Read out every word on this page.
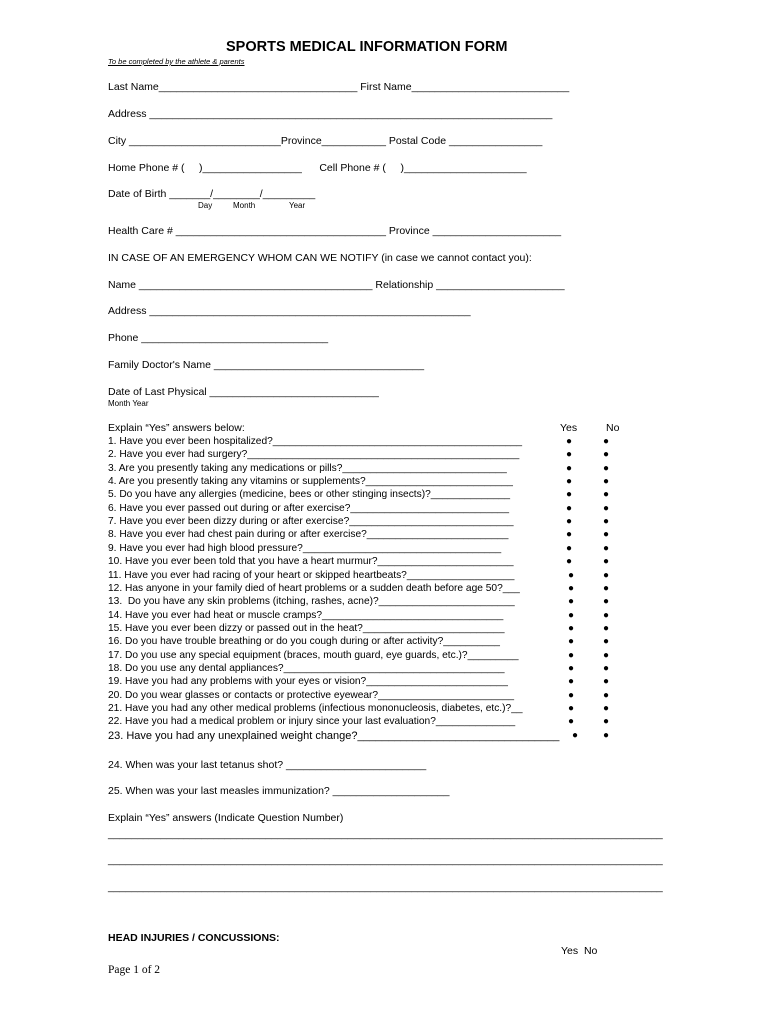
SPORTS MEDICAL INFORMATION FORM
To be completed by the athlete & parents
Last Name__________________________________ First Name___________________________
Address _____________________________________________________________________
City __________________________Province___________ Postal Code ________________
Home Phone # (     )_________________      Cell Phone # (     )_____________________
Date of Birth _______/________/_________
Day	Month	Year
Health Care # ____________________________________ Province ______________________
IN CASE OF AN EMERGENCY WHOM CAN WE NOTIFY (in case we cannot contact you):
Name ________________________________________ Relationship ______________________
Address _______________________________________________________
Phone ________________________________
Family Doctor's Name ____________________________________
Date of Last Physical _____________________________
Month Year
Explain “Yes” answers below:	Yes	No
1. Have you ever been hospitalized?____________________________________________	●	●
2. Have you ever had surgery?________________________________________________	●	●
3. Are you presently taking any medications or pills?_____________________________	●	●
4. Are you presently taking any vitamins or supplements?__________________________	●	●
5. Do you have any allergies (medicine, bees or other stinging insects)?______________	●	●
6. Have you ever passed out during or after exercise?____________________________	●	●
7. Have you ever been dizzy during or after exercise?_____________________________	●	●
8. Have you ever had chest pain during or after exercise?_________________________	●	●
9. Have you ever had high blood pressure?___________________________________	●	●
10. Have you ever been told that you have a heart murmur?________________________	●	●
11. Have you ever had racing of your heart or skipped heartbeats?___________________	●	●
12. Has anyone in your family died of heart problems or a sudden death before age 50?___	●	●
13.  Do you have any skin problems (itching, rashes, acne)?________________________	●	●
14. Have you ever had heat or muscle cramps?________________________________	●	●
15. Have you ever been dizzy or passed out in the heat?_________________________	●	●
16. Do you have trouble breathing or do you cough during or after activity?__________	●	●
17. Do you use any special equipment (braces, mouth guard, eye guards, etc.)?_________	●	●
18. Do you use any dental appliances?_______________________________________	●	●
19. Have you had any problems with your eyes or vision?_________________________	●	●
20. Do you wear glasses or contacts or protective eyewear?________________________	●	●
21. Have you had any other medical problems (infectious mononucleosis, diabetes, etc.)?__	●	●
22. Have you had a medical problem or injury since your last evaluation?______________	●	●
23. Have you had any unexplained weight change?_________________________________ ● ●
24. When was your last tetanus shot? ________________________
25. When was your last measles immunization? ____________________
Explain “Yes” answers (Indicate Question Number)
_______________________________________________________________________________________________
_______________________________________________________________________________________________
_______________________________________________________________________________________________
HEAD INJURIES / CONCUSSIONS:
Yes  No
Page 1 of 2
